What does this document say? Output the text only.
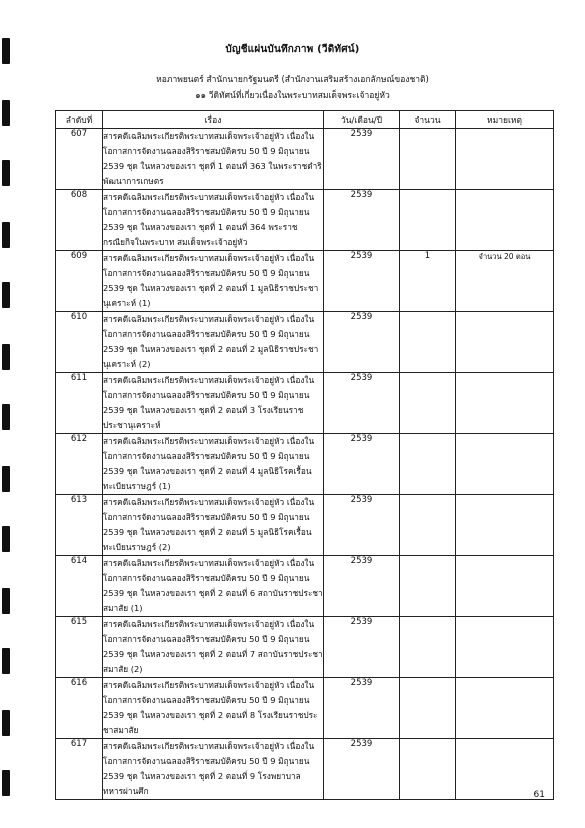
บัญชีแผ่นบันทึกภาพ (วีดิทัศน์)
หอภาพยนตร์ สำนักนายกรัฐมนตรี (สำนักงานเสริมสร้างเอกลักษณ์ของชาติ)
๑๑ วีดิทัศน์ที่เกี่ยวเนื่องในพระบาทสมเด็จพระเจ้าอยู่หัว
ลำดับที่	เรื่อง	วัน/เดือน/ปี	จำนวน	หมายเหตุ
607	สารคดีเฉลิมพระเกียรติพระบาทสมเด็จพระเจ้าอยู่หัว เนื่องใน โอกาสการจัดงานฉลองสิริราชสมบัติครบ 50 ปี 9 มิถุนายน 2539 ชุด ในหลวงของเรา ชุดที่ 1 ตอนที่ 363 ในพระราชดำริพัฒนาการเกษตร	2539		
608	สารคดีเฉลิมพระเกียรติพระบาทสมเด็จพระเจ้าอยู่หัว เนื่องใน โอกาสการจัดงานฉลองสิริราชสมบัติครบ 50 ปี 9 มิถุนายน 2539 ชุด ในหลวงของเรา ชุดที่ 1 ตอนที่ 364 พระราชกรณียกิจในพระบาท สมเด็จพระเจ้าอยู่หัว	2539		
609	สารคดีเฉลิมพระเกียรติพระบาทสมเด็จพระเจ้าอยู่หัว เนื่องใน โอกาสการจัดงานฉลองสิริราชสมบัติครบ 50 ปี 9 มิถุนายน 2539 ชุด ในหลวงของเรา ชุดที่ 2 ตอนที่ 1 มูลนิธิราชประชานุเคราะห์ (1)	2539	1	จำนวน 20 ตอน
610	สารคดีเฉลิมพระเกียรติพระบาทสมเด็จพระเจ้าอยู่หัว เนื่องใน โอกาสการจัดงานฉลองสิริราชสมบัติครบ 50 ปี 9 มิถุนายน 2539 ชุด ในหลวงของเรา ชุดที่ 2 ตอนที่ 2 มูลนิธิราชประชานุเคราะห์ (2)	2539		
611	สารคดีเฉลิมพระเกียรติพระบาทสมเด็จพระเจ้าอยู่หัว เนื่องใน โอกาสการจัดงานฉลองสิริราชสมบัติครบ 50 ปี 9 มิถุนายน 2539 ชุด ในหลวงของเรา ชุดที่ 2 ตอนที่ 3 โรงเรียนราชประชานุเคราะห์	2539		
612	สารคดีเฉลิมพระเกียรติพระบาทสมเด็จพระเจ้าอยู่หัว เนื่องใน โอกาสการจัดงานฉลองสิริราชสมบัติครบ 50 ปี 9 มิถุนายน 2539 ชุด ในหลวงของเรา ชุดที่ 2 ตอนที่ 4 มูลนิธิโรคเรื้อนทะเบียนราษฎร์ (1)	2539		
613	สารคดีเฉลิมพระเกียรติพระบาทสมเด็จพระเจ้าอยู่หัว เนื่องใน โอกาสการจัดงานฉลองสิริราชสมบัติครบ 50 ปี 9 มิถุนายน 2539 ชุด ในหลวงของเรา ชุดที่ 2 ตอนที่ 5 มูลนิธิโรคเรื้อนทะเบียนราษฎร์ (2)	2539		
614	สารคดีเฉลิมพระเกียรติพระบาทสมเด็จพระเจ้าอยู่หัว เนื่องใน โอกาสการจัดงานฉลองสิริราชสมบัติครบ 50 ปี 9 มิถุนายน 2539 ชุด ในหลวงของเรา ชุดที่ 2 ตอนที่ 6 สถาบันราชประชาสมาสัย (1)	2539		
615	สารคดีเฉลิมพระเกียรติพระบาทสมเด็จพระเจ้าอยู่หัว เนื่องใน โอกาสการจัดงานฉลองสิริราชสมบัติครบ 50 ปี 9 มิถุนายน 2539 ชุด ในหลวงของเรา ชุดที่ 2 ตอนที่ 7 สถาบันราชประชาสมาสัย (2)	2539		
616	สารคดีเฉลิมพระเกียรติพระบาทสมเด็จพระเจ้าอยู่หัว เนื่องใน โอกาสการจัดงานฉลองสิริราชสมบัติครบ 50 ปี 9 มิถุนายน 2539 ชุด ในหลวงของเรา ชุดที่ 2 ตอนที่ 8 โรงเรียนราชประชาสมาสัย	2539		
617	สารคดีเฉลิมพระเกียรติพระบาทสมเด็จพระเจ้าอยู่หัว เนื่องใน โอกาสการจัดงานฉลองสิริราชสมบัติครบ 50 ปี 9 มิถุนายน 2539 ชุด ในหลวงของเรา ชุดที่ 2 ตอนที่ 9 โรงพยาบาลทหารผ่านศึก	2539		
61
